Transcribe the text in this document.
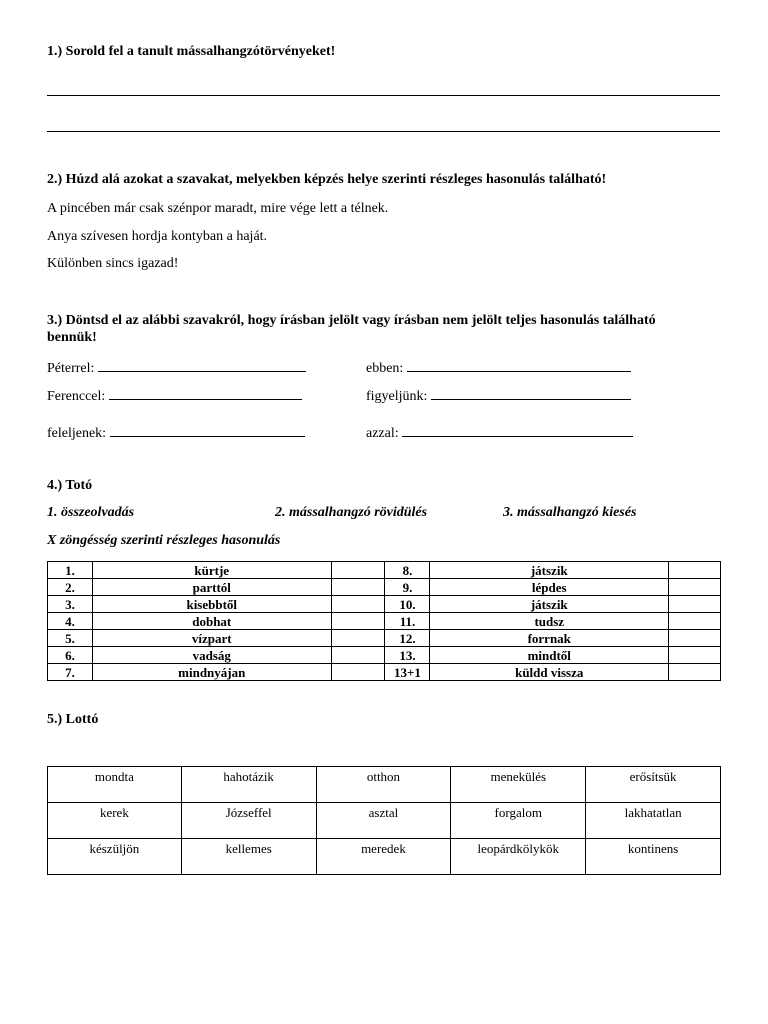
1.) Sorold fel a tanult mássalhangzótörvényeket!
2.) Húzd alá azokat a szavakat, melyekben képzés helye szerinti részleges hasonulás található!
A pincében már csak szénpor maradt, mire vége lett a télnek.
Anya szívesen hordja kontyban a haját.
Különben sincs igazad!
3.) Döntsd el az alábbi szavakról, hogy írásban jelölt vagy írásban nem jelölt teljes hasonulás található
bennük!
Péterrel:	ebben:
Ferenccel:	figyeljünk:
feleljenek:	azzal:
4.) Totó
1. összeolvadás	2. mássalhangzó rövidülés	3. mássalhangzó kiesés
X zöngésség szerinti részleges hasonulás
1.	kürtje		8.	játszik	
2.	parttól		9.	lépdes	
3.	kisebbtől		10.	játszik	
4.	dobhat		11.	tudsz	
5.	vízpart		12.	forrnak	
6.	vadság		13.	mindtől	
7.	mindnyájan		13+1	küldd vissza	
5.) Lottó
mondta	hahotázik	otthon	menekülés	erősítsük
kerek	Józseffel	asztal	forgalom	lakhatatlan
készüljön	kellemes	meredek	leopárdkölykök	kontinens
